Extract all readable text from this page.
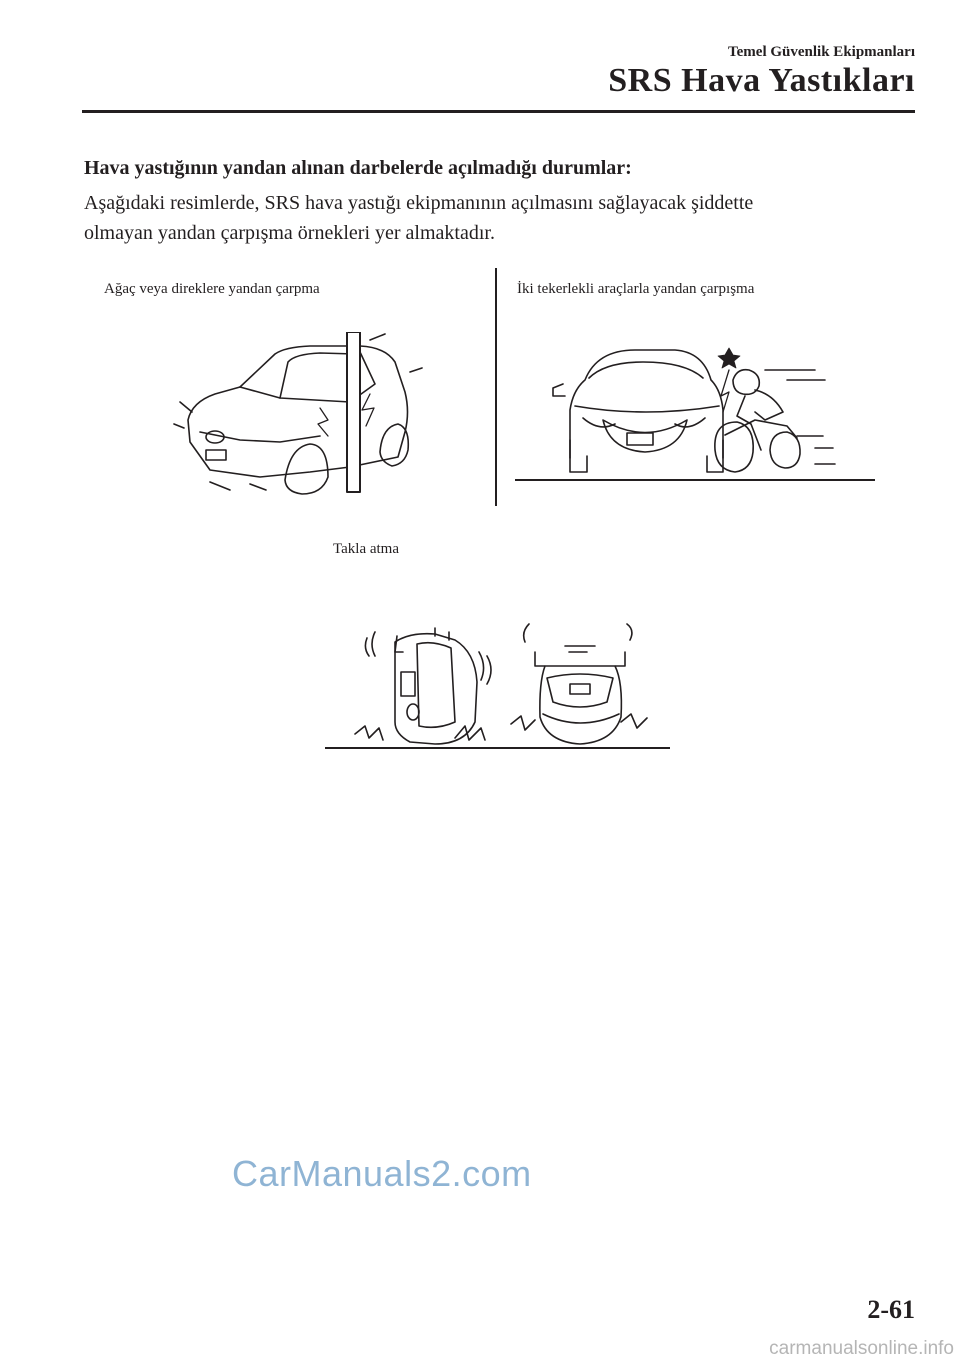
Temel Güvenlik Ekipmanları
SRS Hava Yastıkları
Hava yastığının yandan alınan darbelerde açılmadığı durumlar:
Aşağıdaki resimlerde, SRS hava yastığı ekipmanının açılmasını sağlayacak şiddette
olmayan yandan çarpışma örnekleri yer almaktadır.
Ağaç veya direklere yandan çarpma	İki tekerlekli araçlarla yandan çarpışma
Takla atma
CarManuals2.com
2-61
carmanualsonline.info
